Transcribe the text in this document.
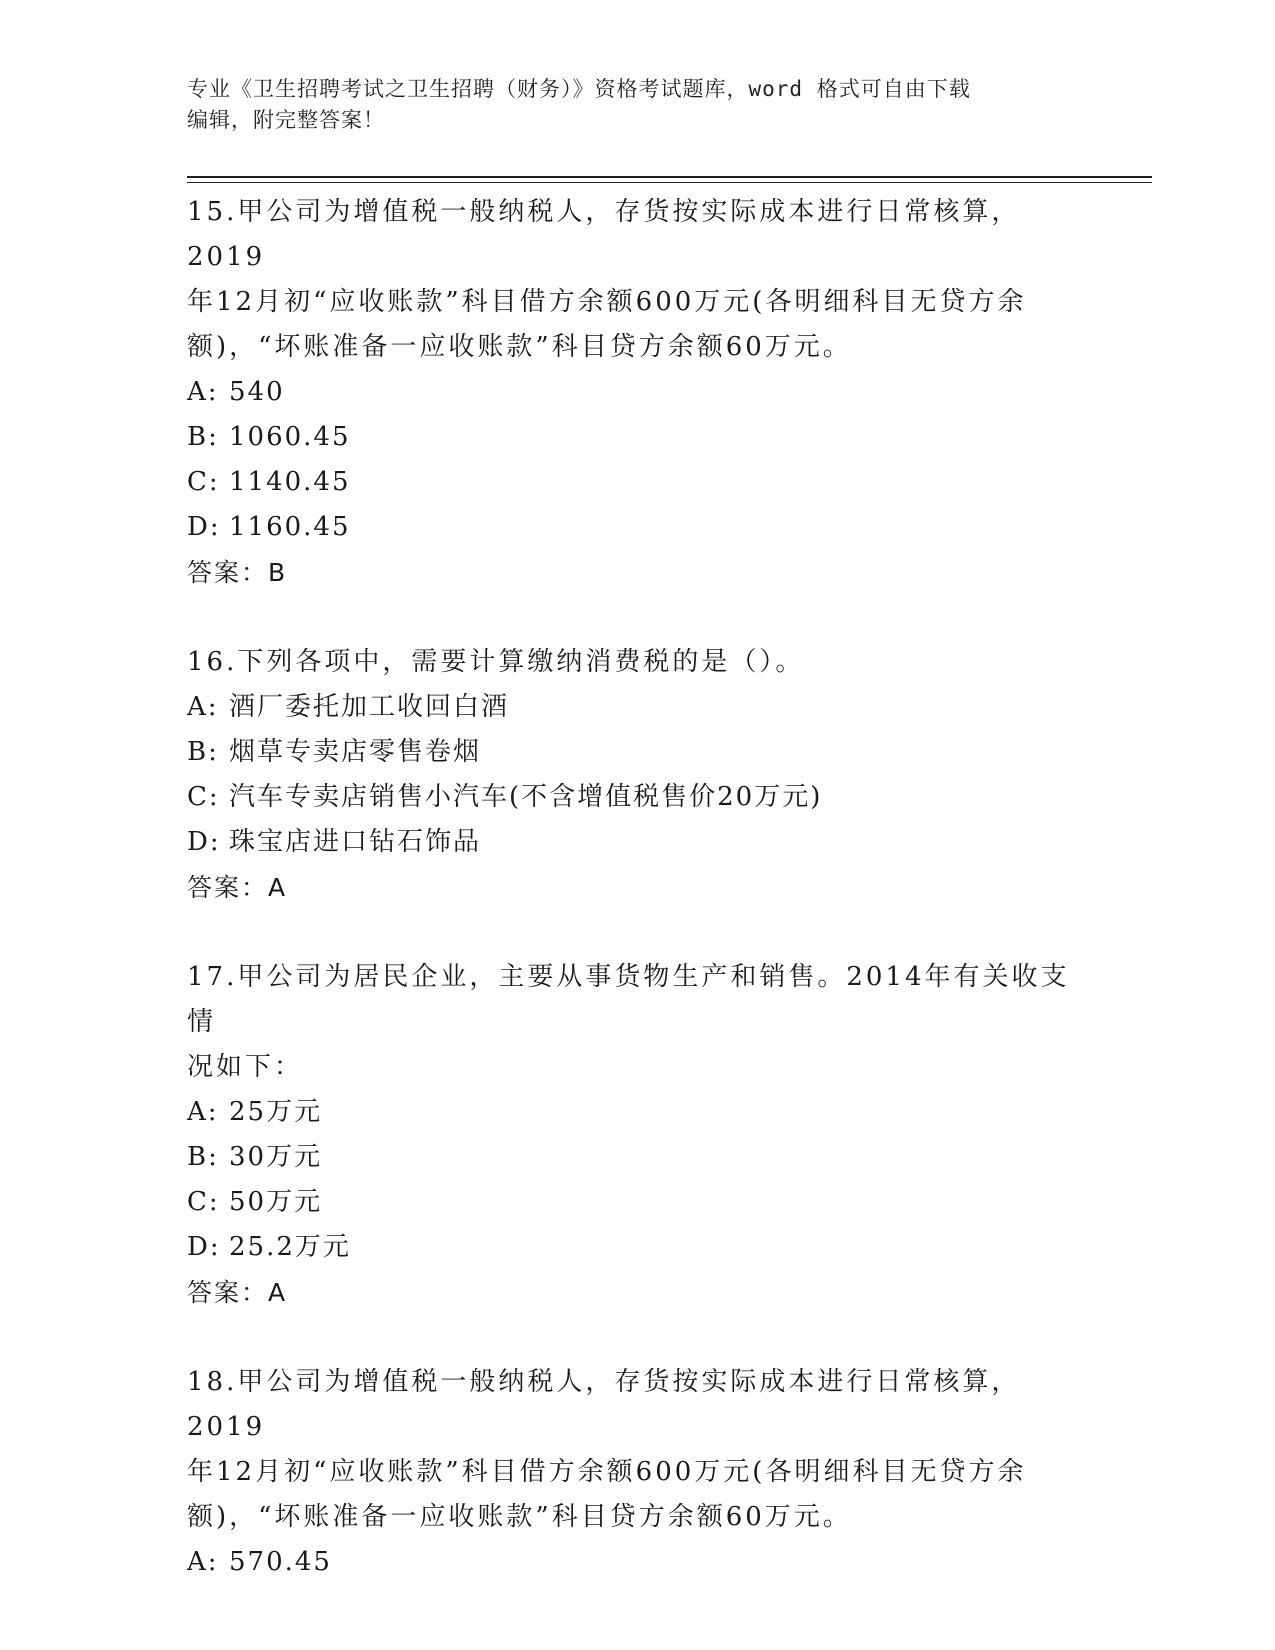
专业《卫生招聘考试之卫生招聘（财务）》资格考试题库，word 格式可自由下载
编辑，附完整答案！

15.甲公司为增值税一般纳税人，存货按实际成本进行日常核算，2019

年12月初“应收账款”科目借方余额600万元(各明细科目无贷方余

额)，“坏账准备一应收账款”科目贷方余额60万元。

A: 540

B: 1060.45

C: 1140.45

D: 1160.45

答案：B

16.下列各项中，需要计算缴纳消费税的是（）。

A: 酒厂委托加工收回白酒

B: 烟草专卖店零售卷烟

C: 汽车专卖店销售小汽车(不含增值税售价20万元)

D: 珠宝店进口钻石饰品

答案：A

17.甲公司为居民企业，主要从事货物生产和销售。2014年有关收支情

况如下：

A: 25万元

B: 30万元

C: 50万元

D: 25.2万元

答案：A

18.甲公司为增值税一般纳税人，存货按实际成本进行日常核算，2019

年12月初“应收账款”科目借方余额600万元(各明细科目无贷方余

额)，“坏账准备一应收账款”科目贷方余额60万元。

A: 570.45
